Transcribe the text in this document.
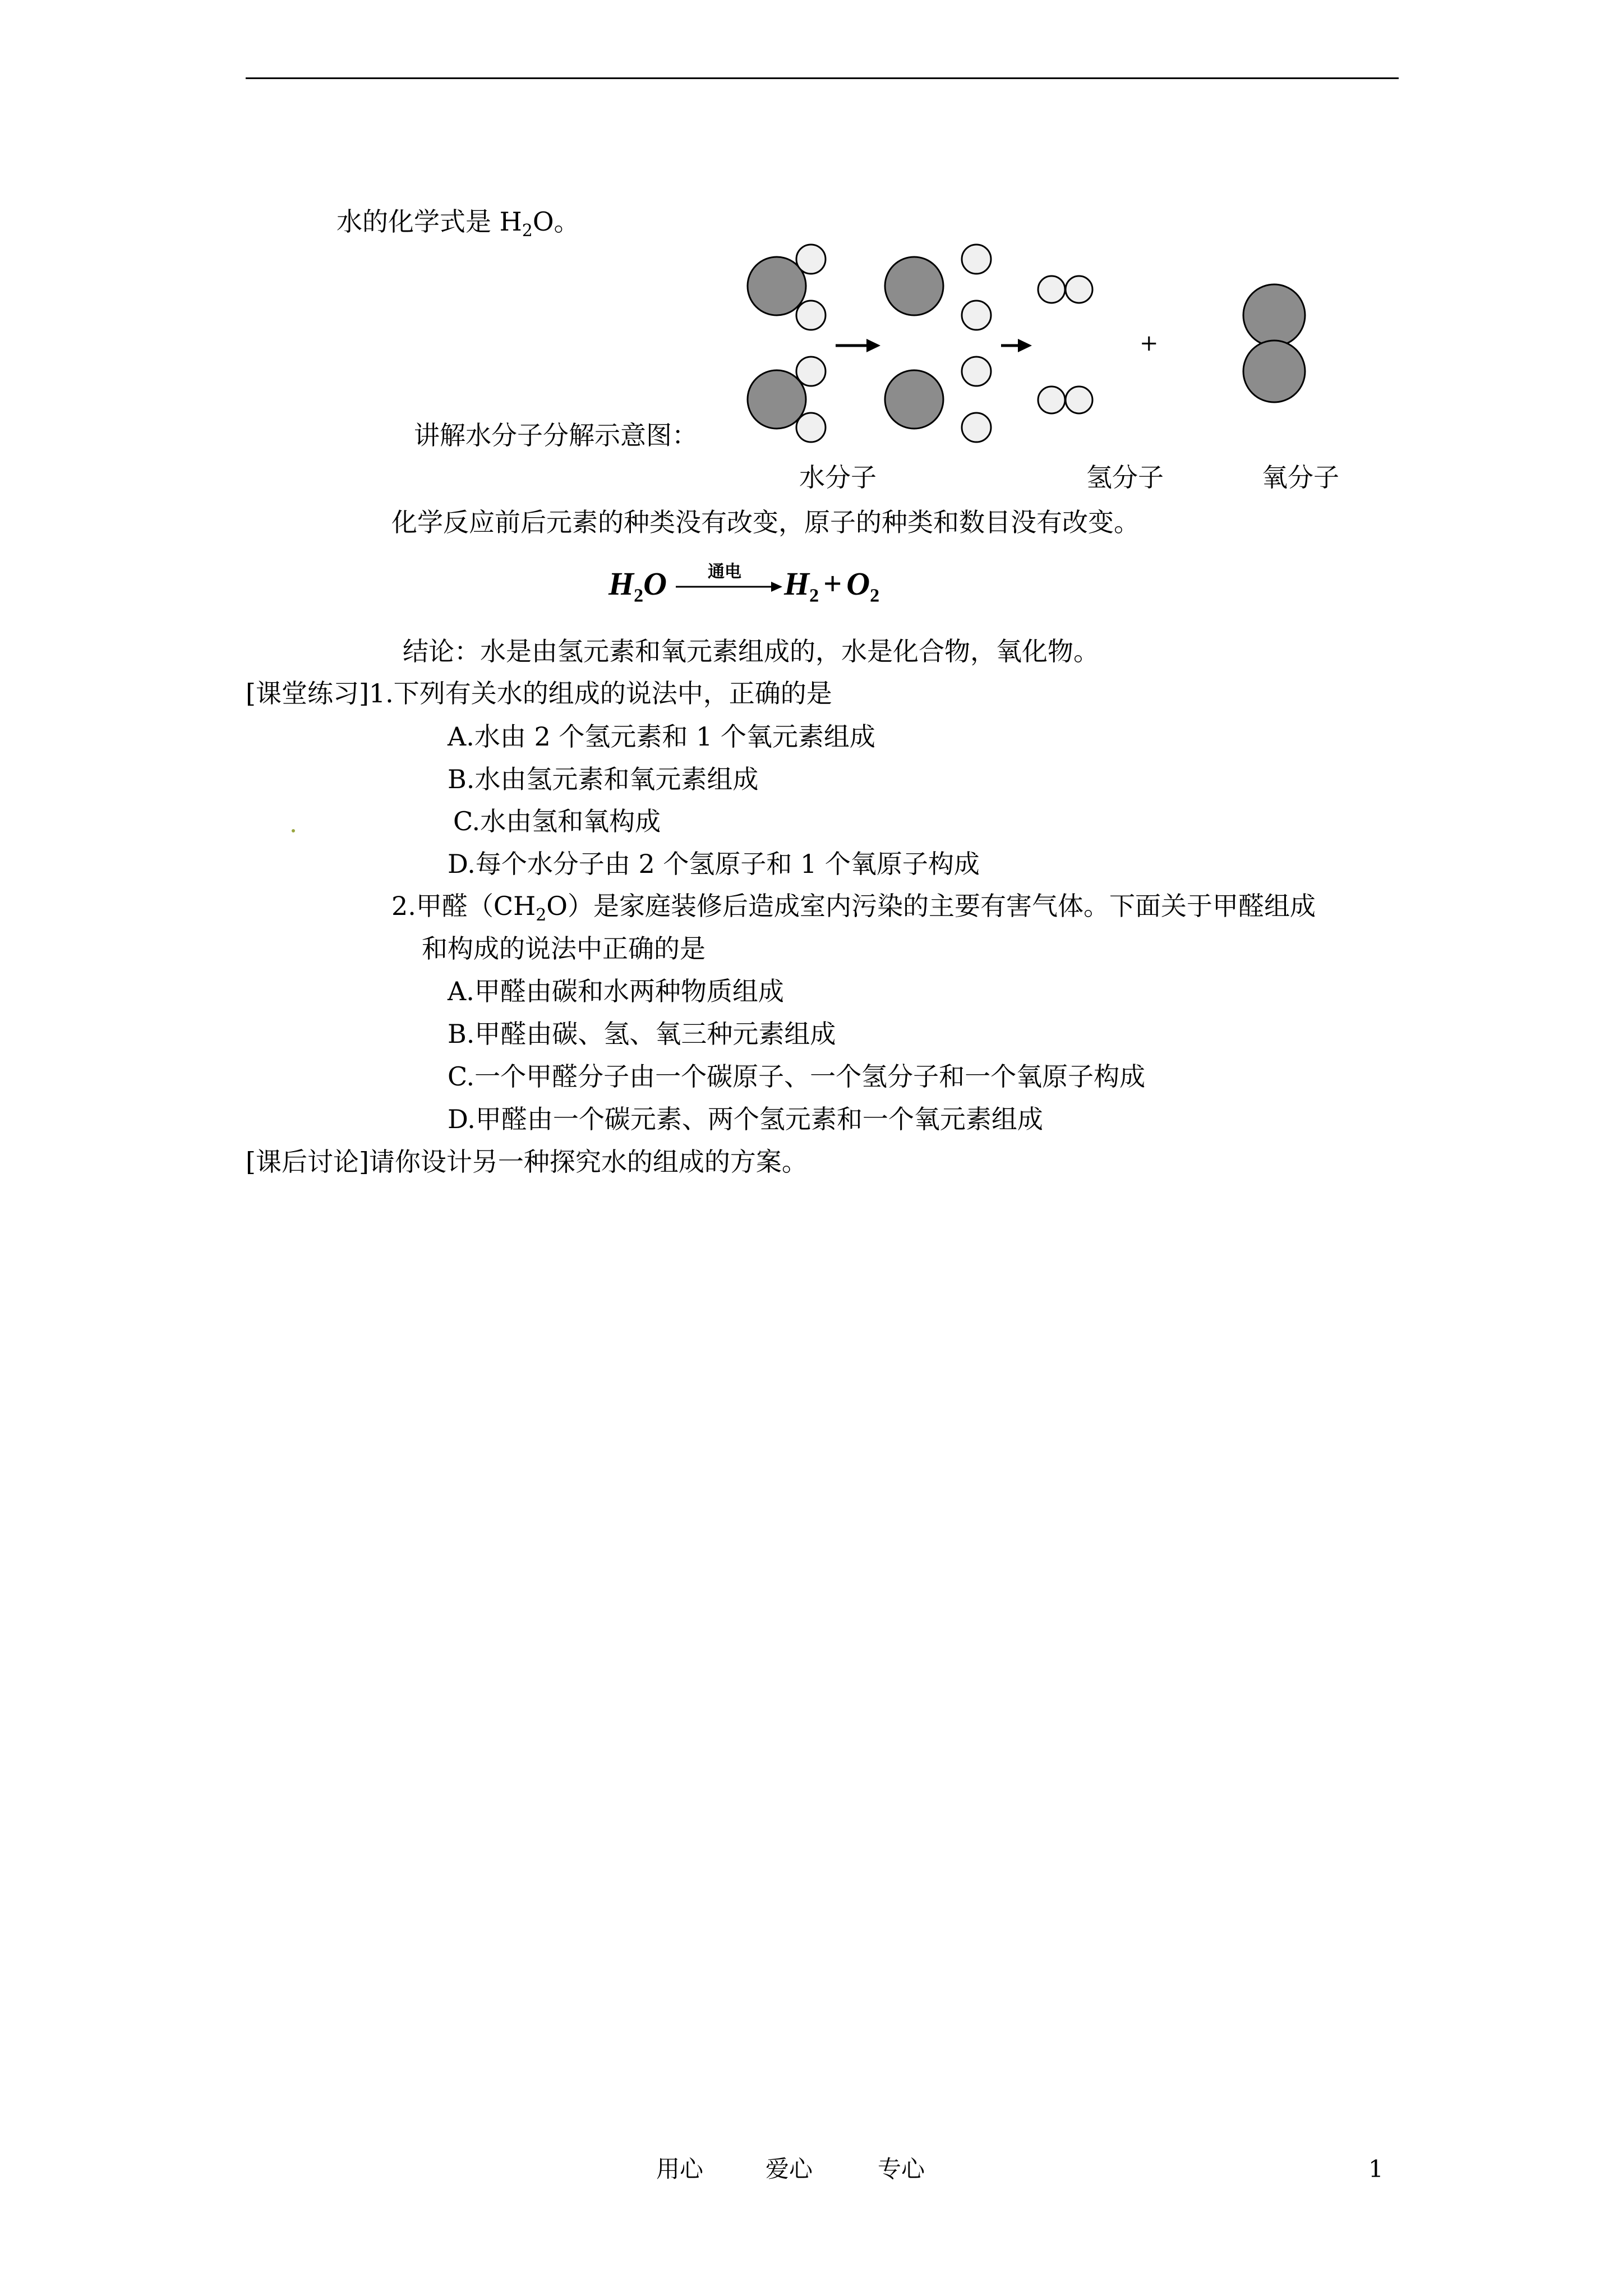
水的化学式是 $H_2O$。
+
讲解水分子分解示意图：
水分子	氢分子	氧分子
化学反应前后元素的种类没有改变，原子的种类和数目没有改变。
$H_2O$ 通电 $H_2 + O_2$
结论：水是由氢元素和氧元素组成的，水是化合物，氧化物。
[课堂练习]1.下列有关水的组成的说法中，正确的是
A.水由 2 个氢元素和 1 个氧元素组成
B.水由氢元素和氧元素组成
C.水由氢和氧构成
D.每个水分子由 2 个氢原子和 1 个氧原子构成
2.甲醛$(CH_2O)$是家庭装修后造成室内污染的主要有害气体。下面关于甲醛组成
和构成的说法中正确的是
A.甲醛由碳和水两种物质组成
B.甲醛由碳、氢、氧三种元素组成
C.一个甲醛分子由一个碳原子、一个氢分子和一个氧原子构成
D.甲醛由一个碳元素、两个氢元素和一个氧元素组成
[课后讨论]请你设计另一种探究水的组成的方案。
用心	爱心	专心	1
